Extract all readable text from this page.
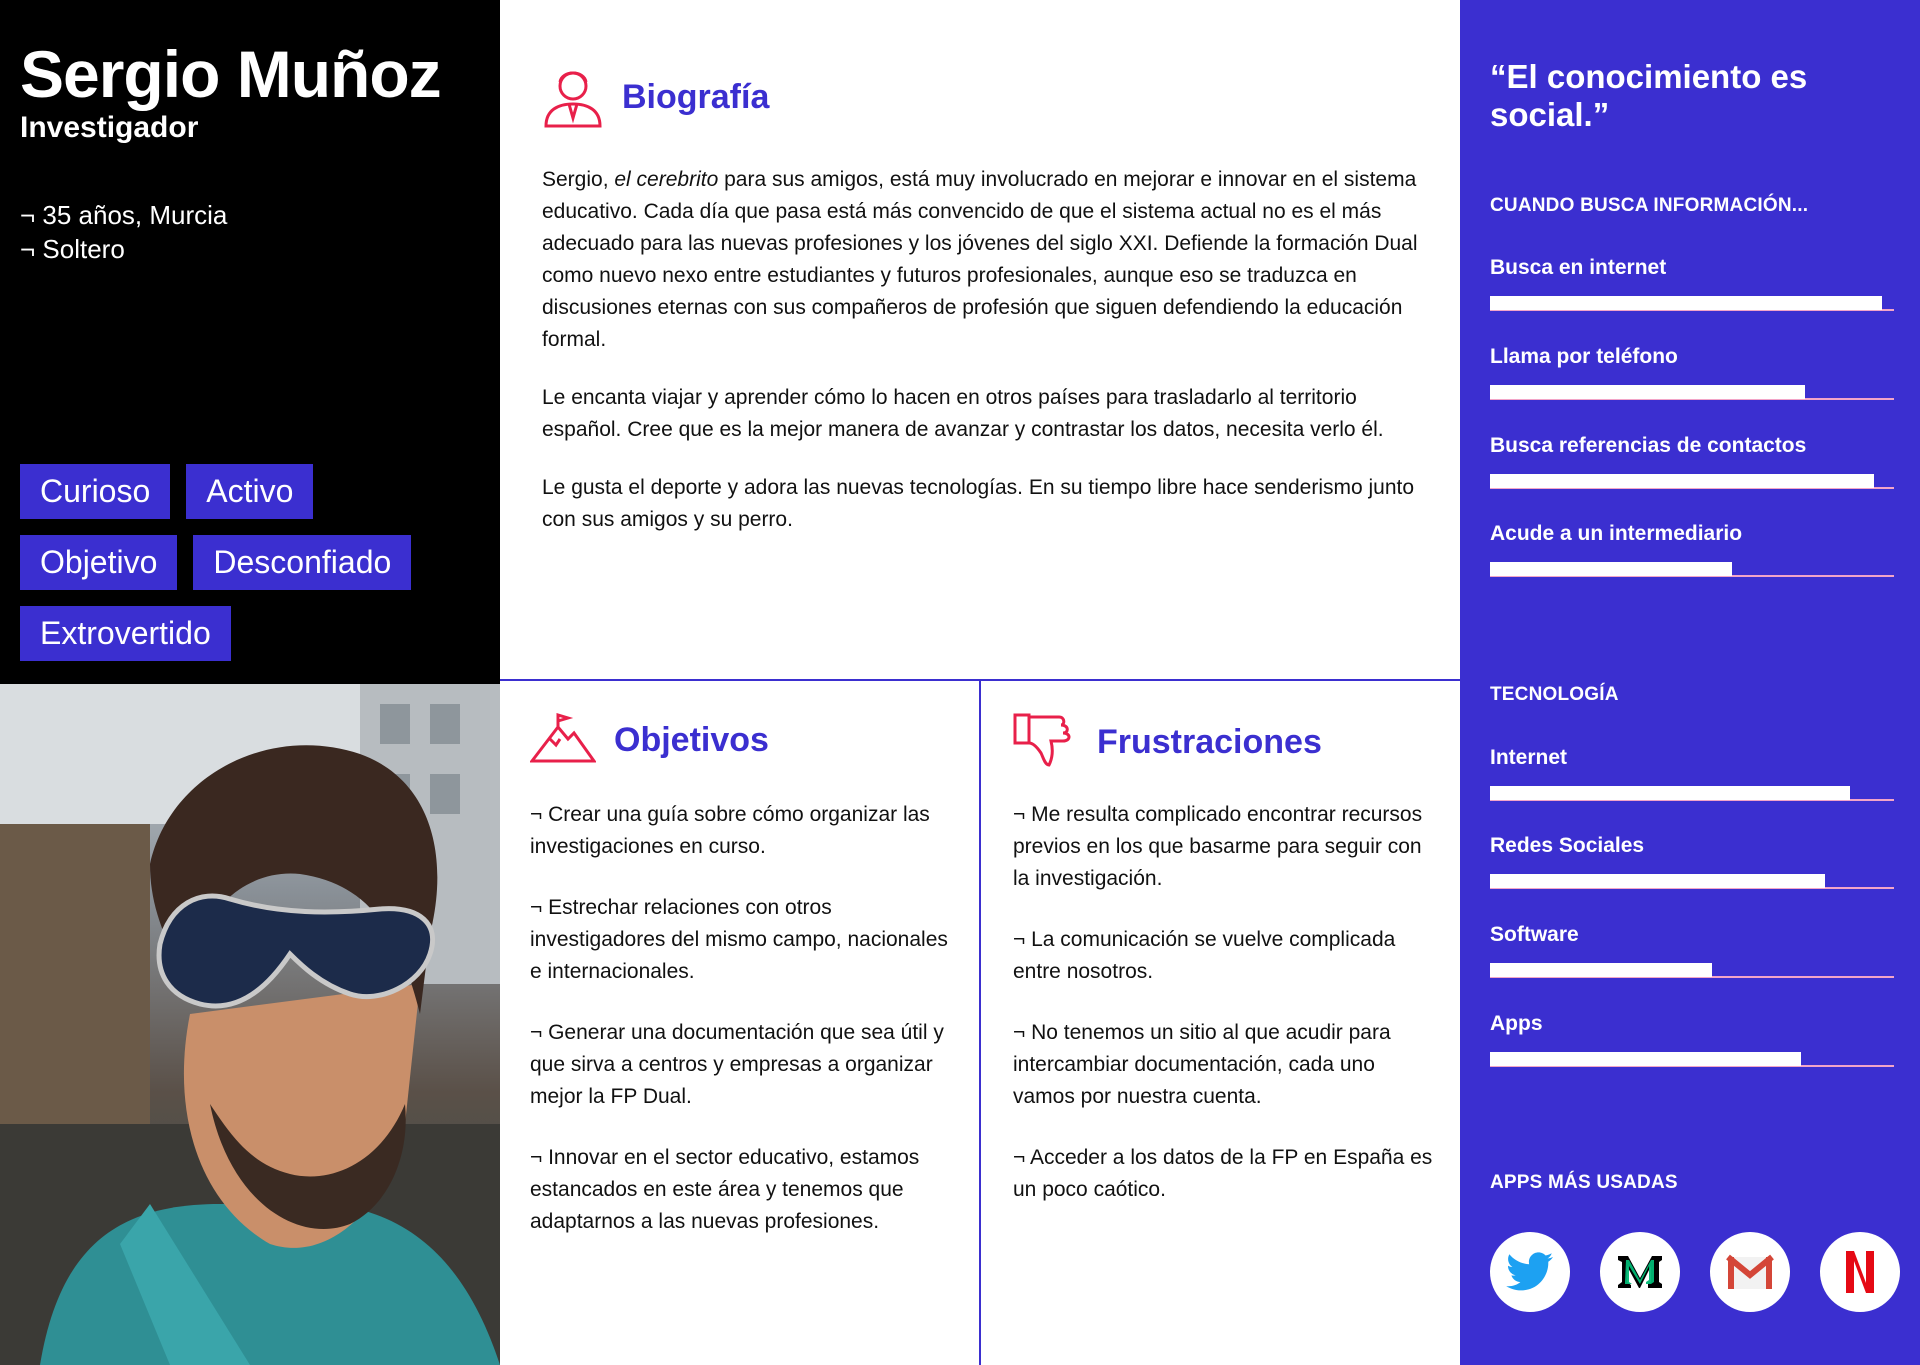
Sergio Muñoz
Investigador
¬ 35 años, Murcia
¬ Soltero
Curioso	Activo
Objetivo	Desconfiado
Extrovertido
Biografía

Sergio, el cerebrito para sus amigos, está muy involucrado en mejorar e innovar en el sistema educativo. Cada día que pasa está más convencido de que el sistema actual no es el más adecuado para las nuevas profesiones y los jóvenes del siglo XXI. Defiende la formación Dual como nuevo nexo entre estudiantes y futuros profesionales, aunque eso se traduzca en discusiones eternas con sus compañeros de profesión que siguen defendiendo la educación formal.

Le encanta viajar y aprender cómo lo hacen en otros países para trasladarlo al territorio español. Cree que es la mejor manera de avanzar y contrastar los datos, necesita verlo él.

Le gusta el deporte y adora las nuevas tecnologías. En su tiempo libre hace senderismo junto con sus amigos y su perro.

Objetivos

¬ Crear una guía sobre cómo organizar las investigaciones en curso.

¬ Estrechar relaciones con otros investigadores del mismo campo, nacionales e internacionales.

¬ Generar una documentación que sea útil y que sirva a centros y empresas a organizar mejor la FP Dual.

¬ Innovar en el sector educativo, estamos estancados en este área y tenemos que adaptarnos a las nuevas profesiones.

Frustraciones

¬ Me resulta complicado encontrar recursos previos en los que basarme para seguir con la investigación.

¬ La comunicación se vuelve complicada entre nosotros.

¬ No tenemos un sitio al que acudir para intercambiar documentación, cada uno vamos por nuestra cuenta.

¬ Acceder a los datos de la FP en España es un poco caótico.

“El conocimiento es social.”
CUANDO BUSCA INFORMACIÓN...
Busca en internet
Llama por teléfono
Busca referencias de contactos
Acude a un intermediario
TECNOLOGÍA
Internet
Redes Sociales
Software
Apps
APPS MÁS USADAS
